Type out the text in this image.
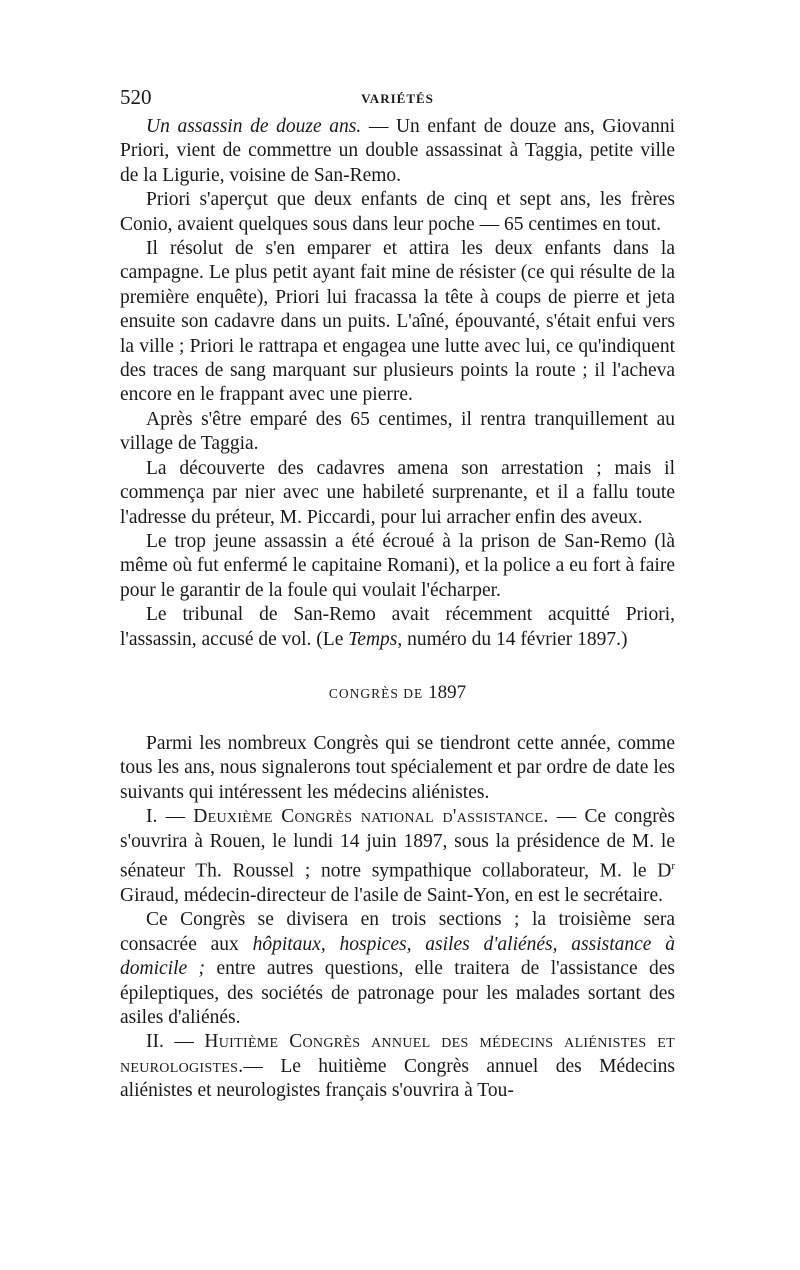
520	VARIÉTÉS

Un assassin de douze ans. — Un enfant de douze ans, Giovanni Priori, vient de commettre un double assassinat à Taggia, petite ville de la Ligurie, voisine de San-Remo.

Priori s'aperçut que deux enfants de cinq et sept ans, les frères Conio, avaient quelques sous dans leur poche — 65 centimes en tout.

Il résolut de s'en emparer et attira les deux enfants dans la campagne. Le plus petit ayant fait mine de résister (ce qui résulte de la première enquête), Priori lui fracassa la tête à coups de pierre et jeta ensuite son cadavre dans un puits. L'aîné, épouvanté, s'était enfui vers la ville ; Priori le rattrapa et engagea une lutte avec lui, ce qu'indiquent des traces de sang marquant sur plusieurs points la route ; il l'acheva encore en le frappant avec une pierre.

Après s'être emparé des 65 centimes, il rentra tranquillement au village de Taggia.

La découverte des cadavres amena son arrestation ; mais il commença par nier avec une habileté surprenante, et il a fallu toute l'adresse du préteur, M. Piccardi, pour lui arracher enfin des aveux.

Le trop jeune assassin a été écroué à la prison de San-Remo (là même où fut enfermé le capitaine Romani), et la police a eu fort à faire pour le garantir de la foule qui voulait l'écharper.

Le tribunal de San-Remo avait récemment acquitté Priori, l'assassin, accusé de vol. (Le Temps, numéro du 14 février 1897.)

CONGRÈS DE 1897

Parmi les nombreux Congrès qui se tiendront cette année, comme tous les ans, nous signalerons tout spécialement et par ordre de date les suivants qui intéressent les médecins aliénistes.

I. — Deuxième Congrès national d'assistance. — Ce congrès s'ouvrira à Rouen, le lundi 14 juin 1897, sous la présidence de M. le sénateur Th. Roussel ; notre sympathique collaborateur, M. le $D^r$ Giraud, médecin-directeur de l'asile de Saint-Yon, en est le secrétaire.

Ce Congrès se divisera en trois sections ; la troisième sera consacrée aux hôpitaux, hospices, asiles d'aliénés, assistance à domicile ; entre autres questions, elle traitera de l'assistance des épileptiques, des sociétés de patronage pour les malades sortant des asiles d'aliénés.

II. — Huitième Congrès annuel des médecins aliénistes et neurologistes.— Le huitième Congrès annuel des Médecins aliénistes et neurologistes français s'ouvrira à Tou-
